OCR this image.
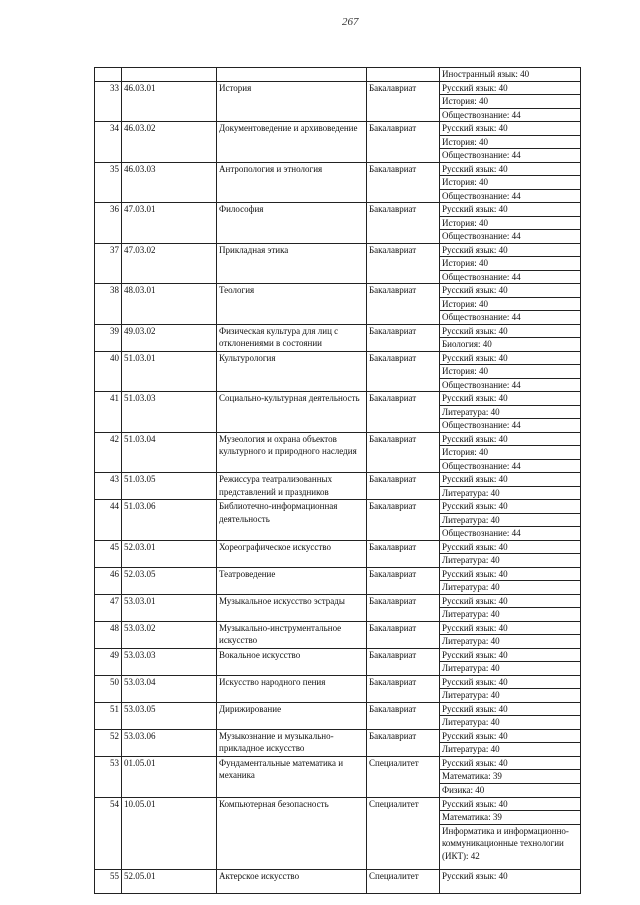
267
				Иностранный язык: 40
33	46.03.01	История	Бакалавриат	Русский язык: 40
				История: 40
				Обществознание: 44
34	46.03.02	Документоведение и архивоведение	Бакалавриат	Русский язык: 40
				История: 40
				Обществознание: 44
35	46.03.03	Антропология и этнология	Бакалавриат	Русский язык: 40
				История: 40
				Обществознание: 44
36	47.03.01	Философия	Бакалавриат	Русский язык: 40
				История: 40
				Обществознание: 44
37	47.03.02	Прикладная этика	Бакалавриат	Русский язык: 40
				История: 40
				Обществознание: 44
38	48.03.01	Теология	Бакалавриат	Русский язык: 40
				История: 40
				Обществознание: 44
39	49.03.02	Физическая культура для лиц с отклонениями в состоянии	Бакалавриат	Русский язык: 40
				Биология: 40
40	51.03.01	Культурология	Бакалавриат	Русский язык: 40
				История: 40
				Обществознание: 44
41	51.03.03	Социально-культурная деятельность	Бакалавриат	Русский язык: 40
				Литература: 40
				Обществознание: 44
42	51.03.04	Музеология и охрана объектов культурного и природного наследия	Бакалавриат	Русский язык: 40
				История: 40
				Обществознание: 44
43	51.03.05	Режиссура театрализованных представлений и праздников	Бакалавриат	Русский язык: 40
				Литература: 40
44	51.03.06	Библиотечно-информационная деятельность	Бакалавриат	Русский язык: 40
				Литература: 40
				Обществознание: 44
45	52.03.01	Хореографическое искусство	Бакалавриат	Русский язык: 40
				Литература: 40
46	52.03.05	Театроведение	Бакалавриат	Русский язык: 40
				Литература: 40
47	53.03.01	Музыкальное искусство эстрады	Бакалавриат	Русский язык: 40
				Литература: 40
48	53.03.02	Музыкально-инструментальное искусство	Бакалавриат	Русский язык: 40
				Литература: 40
49	53.03.03	Вокальное искусство	Бакалавриат	Русский язык: 40
				Литература: 40
50	53.03.04	Искусство народного пения	Бакалавриат	Русский язык: 40
				Литература: 40
51	53.03.05	Дирижирование	Бакалавриат	Русский язык: 40
				Литература: 40
52	53.03.06	Музыкознание и музыкально-прикладное искусство	Бакалавриат	Русский язык: 40
				Литература: 40
53	01.05.01	Фундаментальные математика и механика	Специалитет	Русский язык: 40
				Математика: 39
				Физика: 40
54	10.05.01	Компьютерная безопасность	Специалитет	Русский язык: 40
				Математика: 39
				Информатика и информационно-коммуникационные технологии (ИКТ): 42
55	52.05.01	Актерское искусство	Специалитет	Русский язык: 40
